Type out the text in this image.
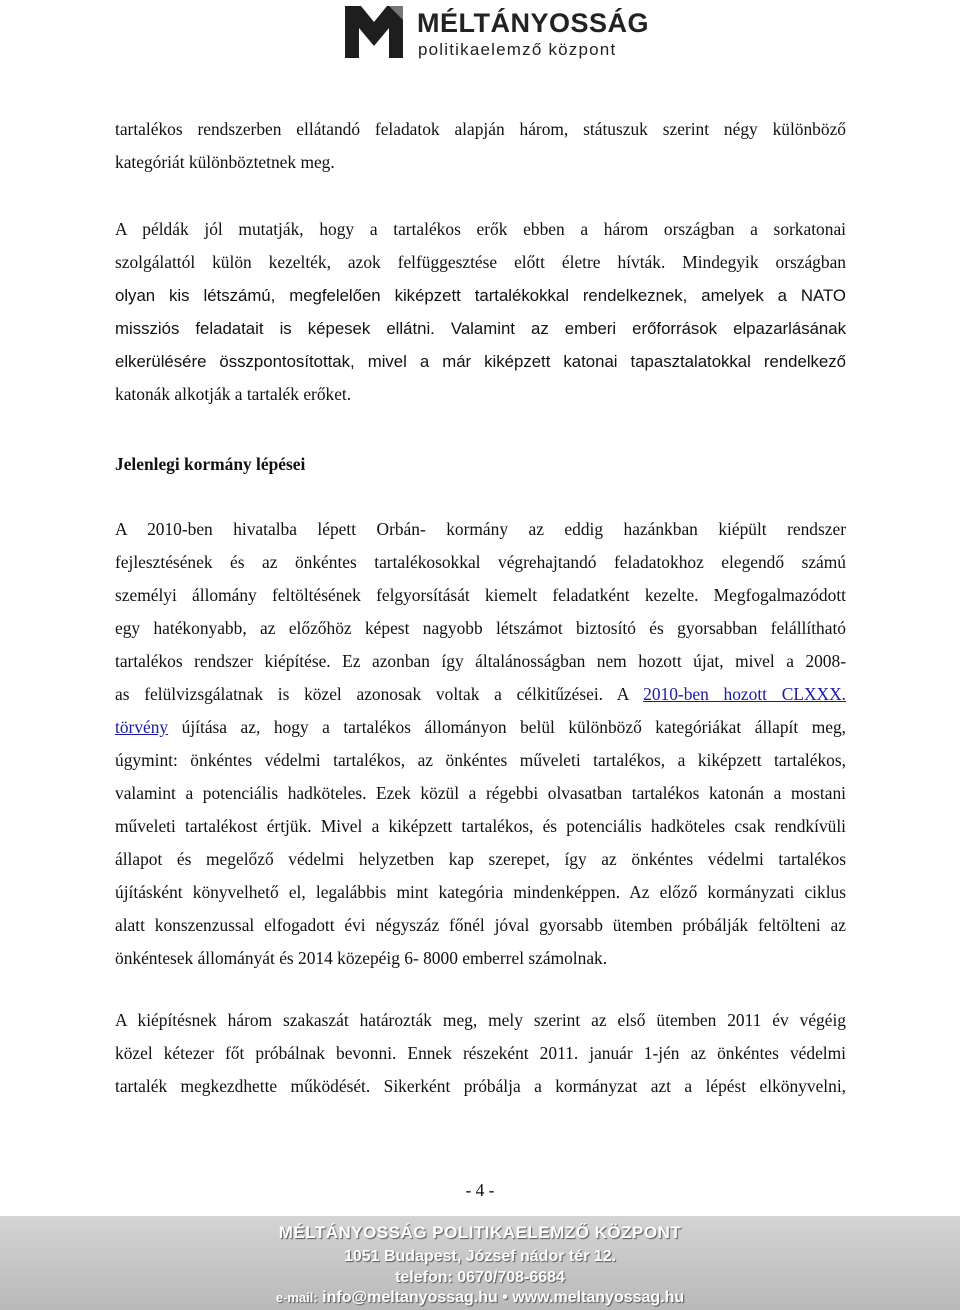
MÉLTÁNYOSSÁG
politikaelemző központ
tartalékos rendszerben ellátandó feladatok alapján három, státuszuk szerint négy különböző
kategóriát különböztetnek meg.
A példák jól mutatják, hogy a tartalékos erők ebben a három országban a sorkatonai
szolgálattól külön kezelték, azok felfüggesztése előtt életre hívták. Mindegyik országban
olyan kis létszámú, megfelelően kiképzett tartalékokkal rendelkeznek, amelyek a NATO
missziós feladatait is képesek ellátni. Valamint az emberi erőforrások elpazarlásának
elkerülésére összpontosítottak, mivel a már kiképzett katonai tapasztalatokkal rendelkező
katonák alkotják a tartalék erőket.
Jelenlegi kormány lépései
A 2010-ben hivatalba lépett Orbán- kormány az eddig hazánkban kiépült rendszer
fejlesztésének és az önkéntes tartalékosokkal végrehajtandó feladatokhoz elegendő számú
személyi állomány feltöltésének felgyorsítását kiemelt feladatként kezelte. Megfogalmazódott
egy hatékonyabb, az előzőhöz képest nagyobb létszámot biztosító és gyorsabban felállítható
tartalékos rendszer kiépítése. Ez azonban így általánosságban nem hozott újat, mivel a 2008-
as felülvizsgálatnak is közel azonosak voltak a célkitűzései. A 2010-ben hozott CLXXX.
törvény újítása az, hogy a tartalékos állományon belül különböző kategóriákat állapít meg,
úgymint: önkéntes védelmi tartalékos, az önkéntes műveleti tartalékos, a kiképzett tartalékos,
valamint a potenciális hadköteles. Ezek közül a régebbi olvasatban tartalékos katonán a mostani
műveleti tartalékost értjük. Mivel a kiképzett tartalékos, és potenciális hadköteles csak rendkívüli
állapot és megelőző védelmi helyzetben kap szerepet, így az önkéntes védelmi tartalékos
újításként könyvelhető el, legalábbis mint kategória mindenképpen. Az előző kormányzati ciklus
alatt konszenzussal elfogadott évi négyszáz főnél jóval gyorsabb ütemben próbálják feltölteni az
önkéntesek állományát és 2014 közepéig 6- 8000 emberrel számolnak.
A kiépítésnek három szakaszát határozták meg, mely szerint az első ütemben 2011 év végéig
közel kétezer főt próbálnak bevonni. Ennek részeként 2011. január 1-jén az önkéntes védelmi
tartalék megkezdhette működését. Sikerként próbálja a kormányzat azt a lépést elkönyvelni,
- 4 -
MÉLTÁNYOSSÁG POLITIKAELEMZŐ KÖZPONT
1051 Budapest, József nádor tér 12.
telefon: 0670/708-6684
e-mail: info@meltanyossag.hu • www.meltanyossag.hu
